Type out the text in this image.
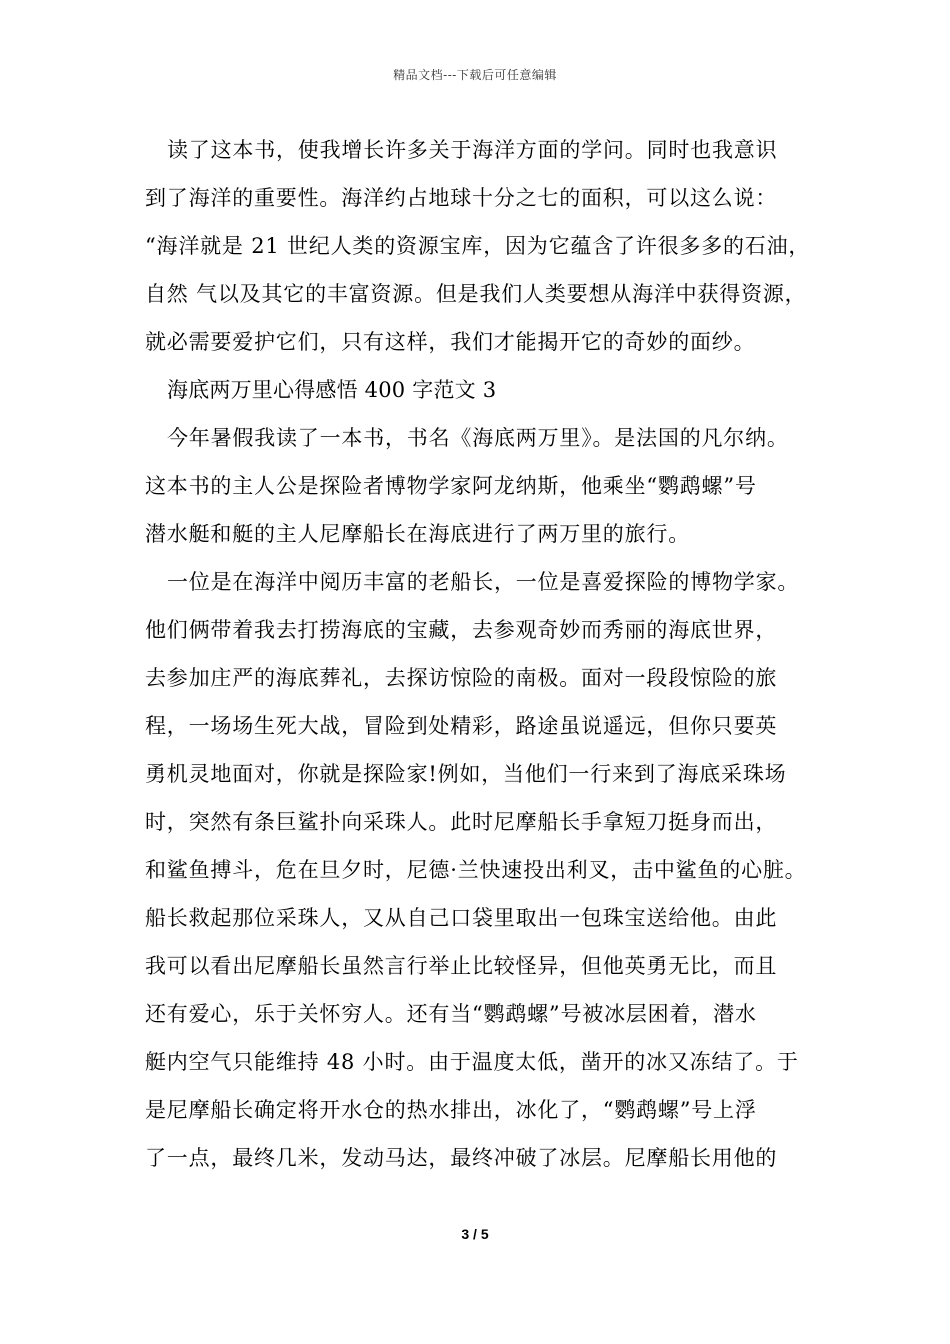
精品文档---下载后可任意编辑
读了这本书，使我增长许多关于海洋方面的学问。同时也我意识
到了海洋的重要性。海洋约占地球十分之七的面积，可以这么说：
“海洋就是 21 世纪人类的资源宝库，因为它蕴含了许很多多的石油，
自然 气以及其它的丰富资源。但是我们人类要想从海洋中获得资源，
就必需要爱护它们，只有这样，我们才能揭开它的奇妙的面纱。
海底两万里心得感悟 400 字范文 3
今年暑假我读了一本书，书名《海底两万里》。是法国的凡尔纳。
这本书的主人公是探险者博物学家阿龙纳斯，他乘坐“鹦鹉螺”号
潜水艇和艇的主人尼摩船长在海底进行了两万里的旅行。
一位是在海洋中阅历丰富的老船长，一位是喜爱探险的博物学家。
他们俩带着我去打捞海底的宝藏，去参观奇妙而秀丽的海底世界，
去参加庄严的海底葬礼，去探访惊险的南极。面对一段段惊险的旅
程，一场场生死大战，冒险到处精彩，路途虽说遥远，但你只要英
勇机灵地面对，你就是探险家!例如，当他们一行来到了海底采珠场
时，突然有条巨鲨扑向采珠人。此时尼摩船长手拿短刀挺身而出，
和鲨鱼搏斗，危在旦夕时，尼德·兰快速投出利叉，击中鲨鱼的心脏。
船长救起那位采珠人，又从自己口袋里取出一包珠宝送给他。由此
我可以看出尼摩船长虽然言行举止比较怪异，但他英勇无比，而且
还有爱心，乐于关怀穷人。还有当“鹦鹉螺”号被冰层困着，潜水
艇内空气只能维持 48 小时。由于温度太低，凿开的冰又冻结了。于
是尼摩船长确定将开水仓的热水排出，冰化了，“鹦鹉螺”号上浮
了一点，最终几米，发动马达，最终冲破了冰层。尼摩船长用他的
3 / 5
